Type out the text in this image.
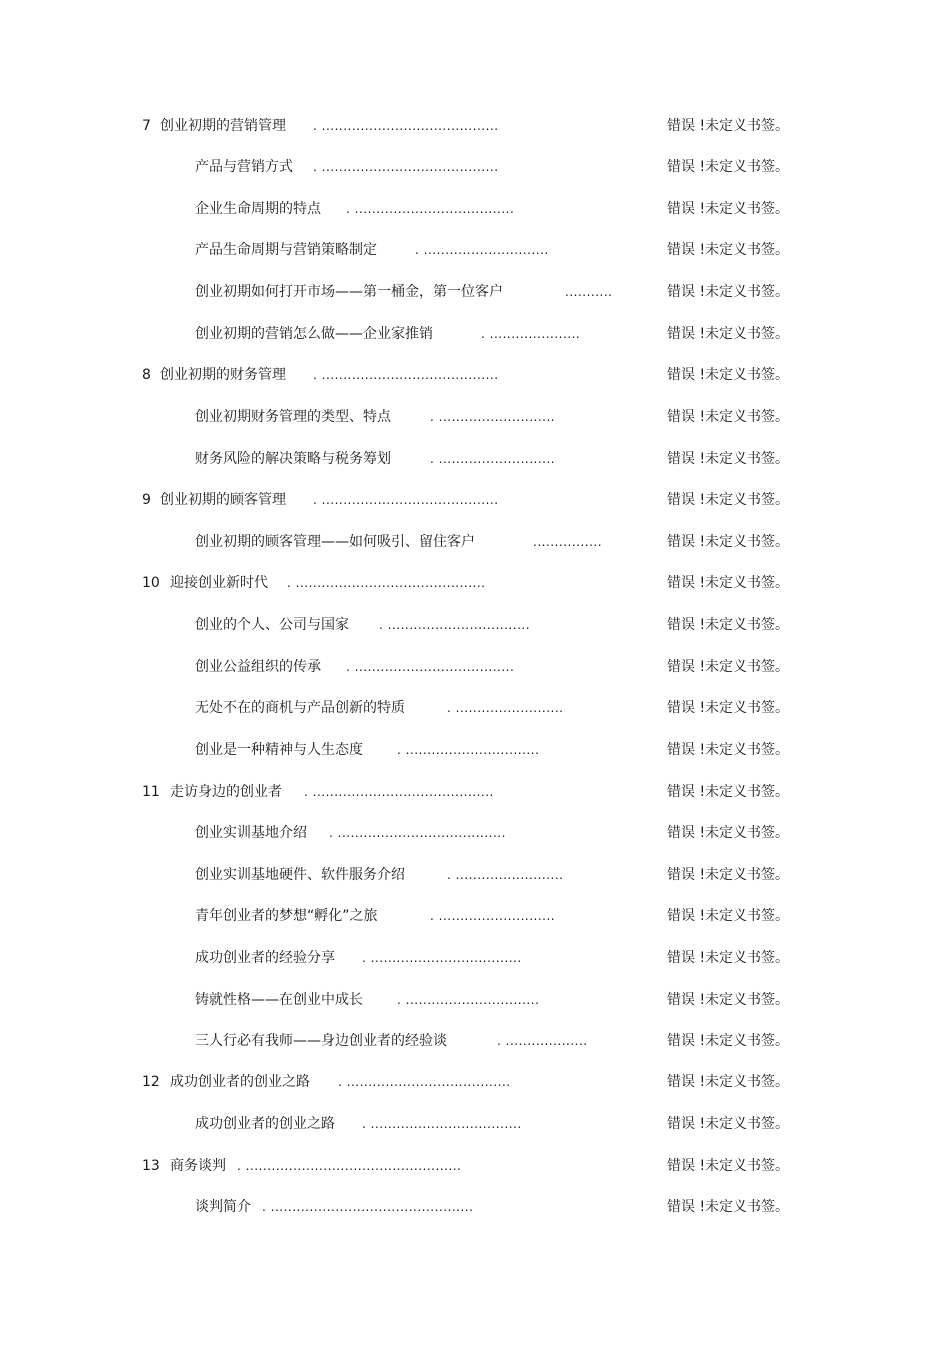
7 创业初期的营销管理 . .........................................	错误 !未定义书签。
产品与营销方式 . .........................................	错误 !未定义书签。
企业生命周期的特点 . .....................................	错误 !未定义书签。
产品生命周期与营销策略制定	. .............................	错误 !未定义书签。
创业初期如何打开市场——第一桶金，第一位客户	...........	错误 !未定义书签。
创业初期的营销怎么做——企业家推销	. .....................	错误 !未定义书签。
8 创业初期的财务管理 . .........................................	错误 !未定义书签。
创业初期财务管理的类型、特点	. ...........................	错误 !未定义书签。
财务风险的解决策略与税务筹划	. ...........................	错误 !未定义书签。
9 创业初期的顾客管理 . .........................................	错误 !未定义书签。
创业初期的顾客管理——如何吸引、留住客户	................	错误 !未定义书签。
10 迎接创业新时代 . ............................................	错误 !未定义书签。
创业的个人、公司与国家	. .................................	错误 !未定义书签。
创业公益组织的传承 . .....................................	错误 !未定义书签。
无处不在的商机与产品创新的特质	. .........................	错误 !未定义书签。
创业是一种精神与人生态度	. ...............................	错误 !未定义书签。
11 走访身边的创业者 . ..........................................	错误 !未定义书签。
创业实训基地介绍 . .......................................	错误 !未定义书签。
创业实训基地硬件、软件服务介绍	. .........................	错误 !未定义书签。
青年创业者的梦想“孵化”之旅	. ...........................	错误 !未定义书签。
成功创业者的经验分享 . ...................................	错误 !未定义书签。
铸就性格——在创业中成长	. ...............................	错误 !未定义书签。
三人行必有我师——身边创业者的经验谈	. ...................	错误 !未定义书签。
12 成功创业者的创业之路 . ......................................	错误 !未定义书签。
成功创业者的创业之路 . ...................................	错误 !未定义书签。
13 商务谈判 . ..................................................	错误 !未定义书签。
谈判简介 . ...............................................	错误 !未定义书签。
